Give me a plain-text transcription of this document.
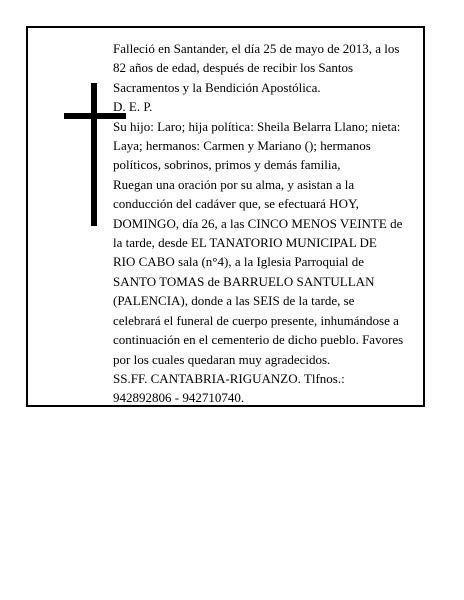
Falleció en Santander, el día 25 de mayo de 2013, a los
82 años de edad, después de recibir los Santos
Sacramentos y la Bendición Apostólica.
D. E. P.
Su hijo: Laro; hija política: Sheila Belarra Llano; nieta:
Laya; hermanos: Carmen y Mariano (); hermanos
políticos, sobrinos, primos y demás familia,
Ruegan una oración por su alma, y asistan a la
conducción del cadáver que, se efectuará HOY,
DOMINGO, día 26, a las CINCO MENOS VEINTE de
la tarde, desde EL TANATORIO MUNICIPAL DE
RIO CABO sala (n°4), a la Iglesia Parroquial de
SANTO TOMAS de BARRUELO SANTULLAN
(PALENCIA), donde a las SEIS de la tarde, se
celebrará el funeral de cuerpo presente, inhumándose a
continuación en el cementerio de dicho pueblo. Favores
por los cuales quedaran muy agradecidos.
SS.FF. CANTABRIA-RIGUANZO. Tlfnos.:
942892806 - 942710740.
